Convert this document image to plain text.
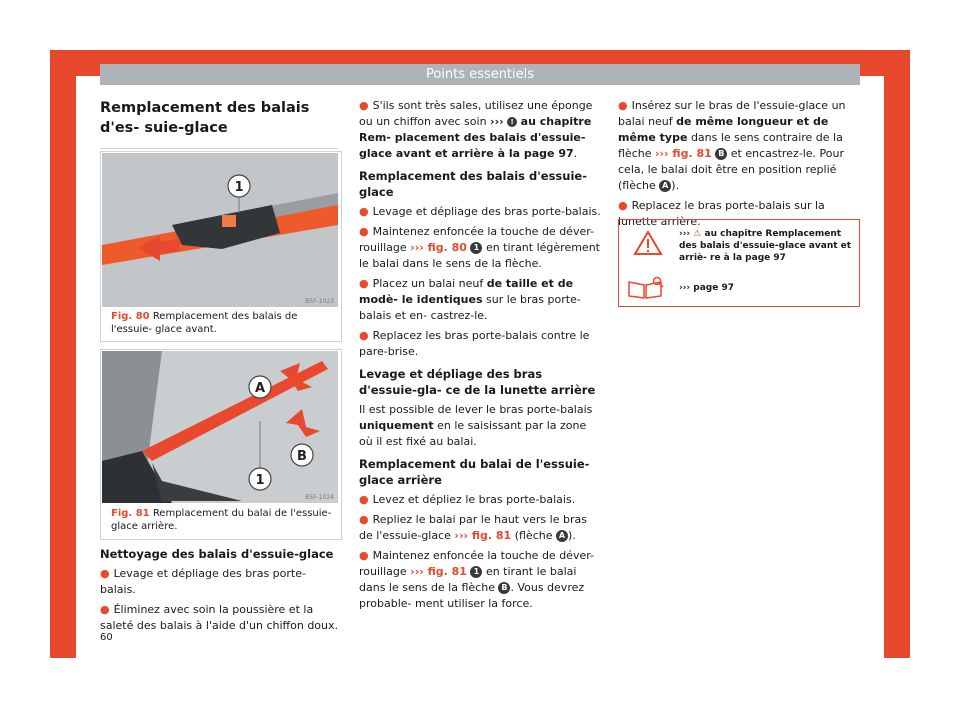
Points essentiels
Remplacement des balais d'es- suie-glace
1
B5F-1023
Fig. 80 Remplacement des balais de l'essuie- glace avant.
A
B
1
B5F-1024
Fig. 81 Remplacement du balai de l'essuie- glace arrière.
Nettoyage des balais d'essuie-glace

● Levage et dépliage des bras porte-balais.

● Éliminez avec soin la poussière et la saleté des balais à l'aide d'un chiffon doux.

60

● S'ils sont très sales, utilisez une éponge ou un chiffon avec soin ››› ! au chapitre Rem- placement des balais d'essuie-glace avant et arrière à la page 97.

Remplacement des balais d'essuie-glace

● Levage et dépliage des bras porte-balais.

● Maintenez enfoncée la touche de déver- rouillage ››› fig. 80 1 en tirant légèrement le balai dans le sens de la flèche.

● Placez un balai neuf de taille et de modè- le identiques sur le bras porte-balais et en- castrez-le.

● Replacez les bras porte-balais contre le pare-brise.

Levage et dépliage des bras d'essuie-gla- ce de la lunette arrière

Il est possible de lever le bras porte-balais uniquement en le saisissant par la zone où il est fixé au balai.

Remplacement du balai de l'essuie-glace arrière

● Levez et dépliez le bras porte-balais.

● Repliez le balai par le haut vers le bras de l'essuie-glace ››› fig. 81 (flèche A ).

● Maintenez enfoncée la touche de déver- rouillage ››› fig. 81 1 en tirant le balai dans le sens de la flèche B . Vous devrez probable- ment utiliser la force.

● Insérez sur le bras de l'essuie-glace un balai neuf de même longueur et de même type dans le sens contraire de la flèche ››› fig. 81 B et encastrez-le. Pour cela, le balai doit être en position replié (flèche A ).

● Replacez le bras porte-balais sur la lunette arrière.

››› ⚠ au chapitre Remplacement des balais d'essuie-glace avant et arriè- re à la page 97
››› page 97
